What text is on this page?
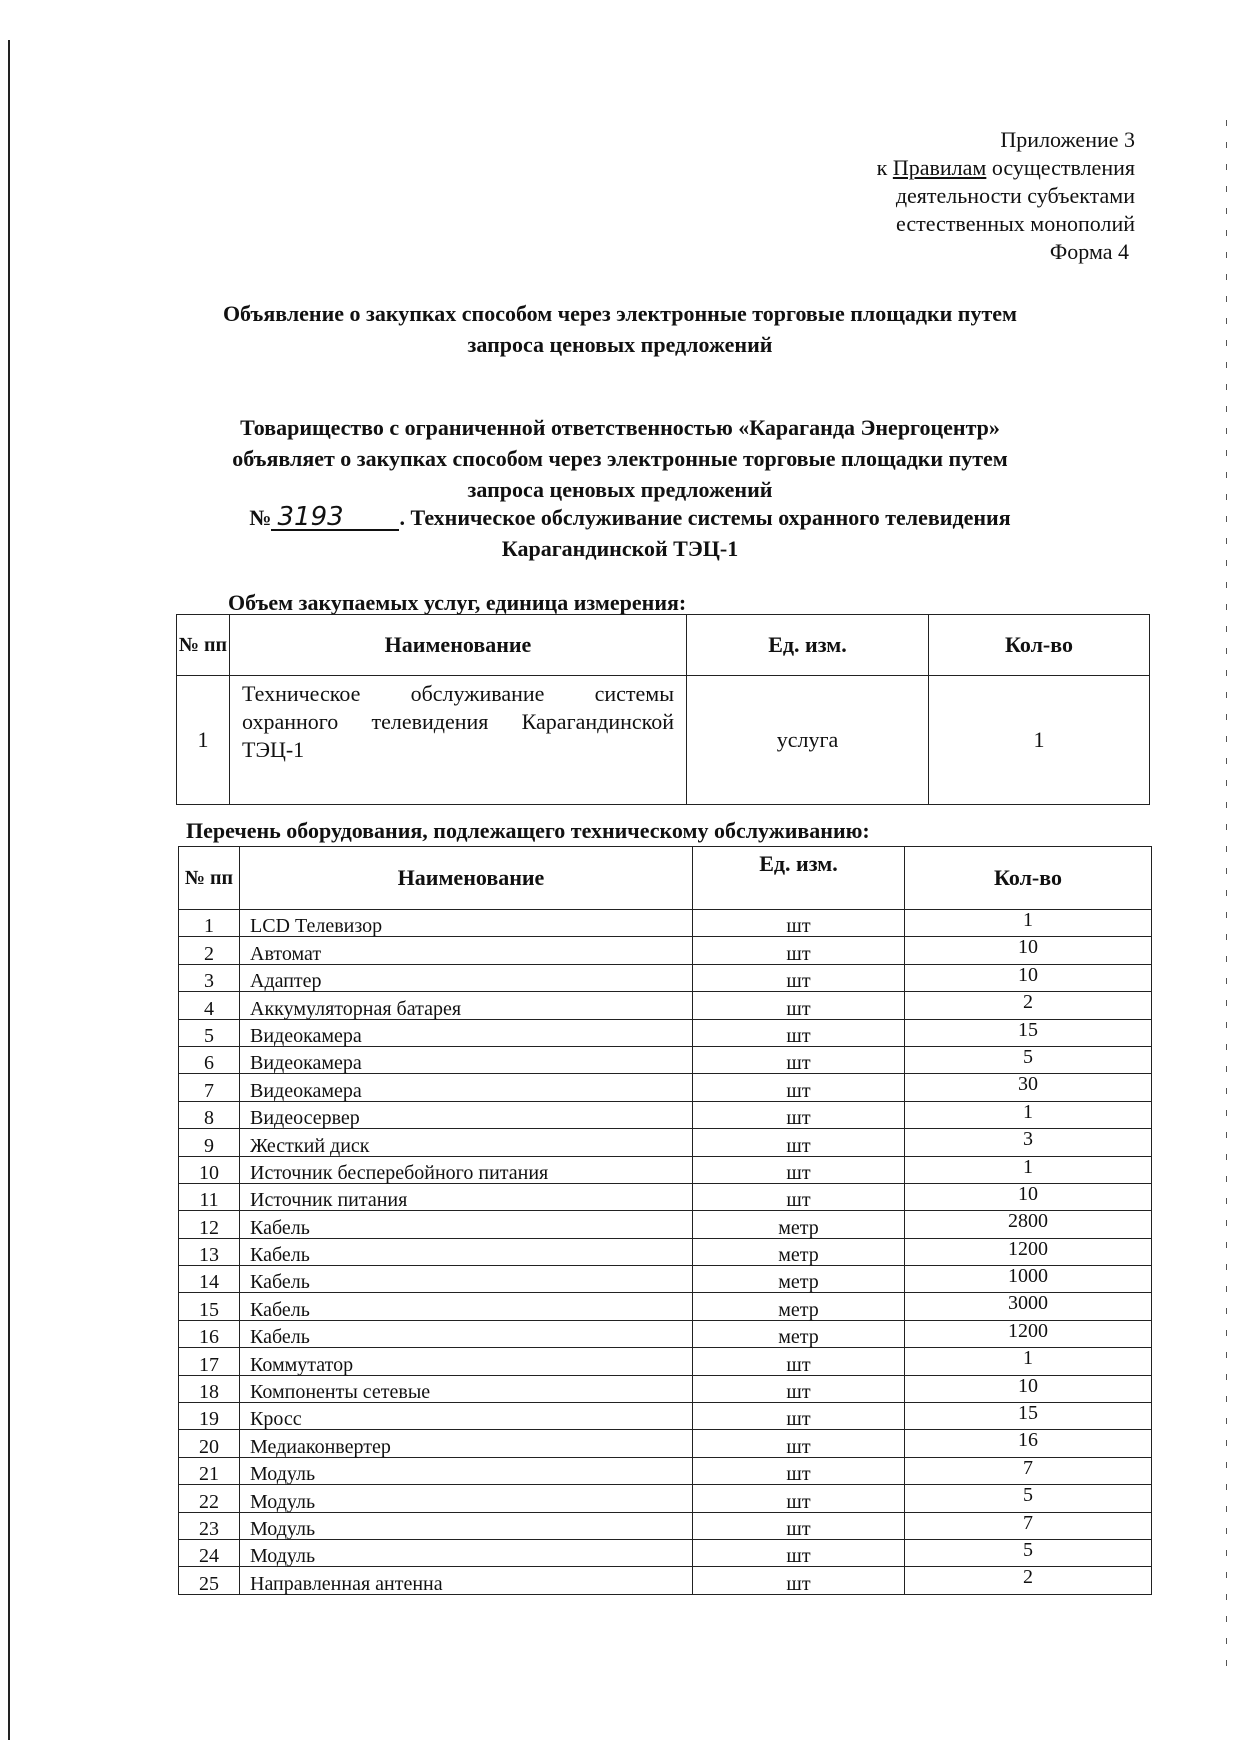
Приложение 3
к Правилам осуществления
деятельности субъектами
естественных монополий
Форма 4
Объявление о закупках способом через электронные торговые площадки путем
запроса ценовых предложений
Товарищество с ограниченной ответственностью «Караганда Энергоцентр»
объявляет о закупках способом через электронные торговые площадки путем
запроса ценовых предложений
№ 3193	. Техническое обслуживание системы охранного телевидения
Карагандинской ТЭЦ-1
Объем закупаемых услуг, единица измерения:
№ пп	Наименование	Ед. изм.	Кол-во
1	Техническое обслуживание системы охранного телевидения Карагандинской ТЭЦ-1	услуга	1
Перечень оборудования, подлежащего техническому обслуживанию:
№ пп	Наименование	Ед. изм.	Кол-во
1	LCD Телевизор	шт	1
2	Автомат	шт	10
3	Адаптер	шт	10
4	Аккумуляторная батарея	шт	2
5	Видеокамера	шт	15
6	Видеокамера	шт	5
7	Видеокамера	шт	30
8	Видеосервер	шт	1
9	Жесткий диск	шт	3
10	Источник бесперебойного питания	шт	1
11	Источник питания	шт	10
12	Кабель	метр	2800
13	Кабель	метр	1200
14	Кабель	метр	1000
15	Кабель	метр	3000
16	Кабель	метр	1200
17	Коммутатор	шт	1
18	Компоненты сетевые	шт	10
19	Кросс	шт	15
20	Медиаконвертер	шт	16
21	Модуль	шт	7
22	Модуль	шт	5
23	Модуль	шт	7
24	Модуль	шт	5
25	Направленная антенна	шт	2
